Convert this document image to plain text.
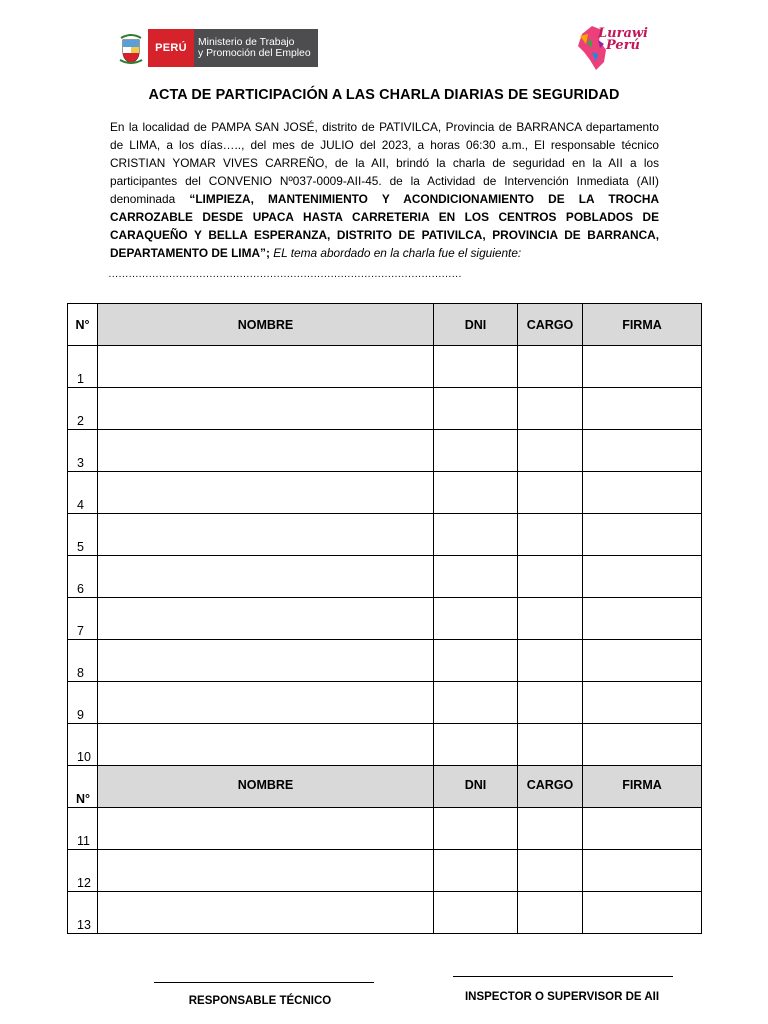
PERÚ	Ministerio de Trabajo
y Promoción del Empleo
Lurawi
Perú
ACTA DE PARTICIPACIÓN A LAS CHARLA DIARIAS DE SEGURIDAD
En la localidad de PAMPA SAN JOSÉ, distrito de PATIVILCA, Provincia de BARRANCA departamento de LIMA, a los días….., del mes de JULIO del 2023, a horas 06:30 a.m., El responsable técnico CRISTIAN YOMAR VIVES CARREÑO, de la AII, brindó la charla de seguridad en la AII a los participantes del CONVENIO Nº037-0009-AII-45. de la Actividad de Intervención Inmediata (AII) denominada “LIMPIEZA, MANTENIMIENTO Y ACONDICIONAMIENTO DE LA TROCHA CARROZABLE DESDE UPACA HASTA CARRETERIA EN LOS CENTROS POBLADOS DE CARAQUEÑO Y BELLA ESPERANZA, DISTRITO DE PATIVILCA, PROVINCIA DE BARRANCA, DEPARTAMENTO DE LIMA”; EL tema abordado en la charla fue el siguiente:
……………………………………………………………………………………………
N°	NOMBRE	DNI	CARGO	FIRMA
1				
2				
3				
4				
5				
6				
7				
8				
9				
10				
N°	NOMBRE	DNI	CARGO	FIRMA
11				
12				
13				
RESPONSABLE TÉCNICO	INSPECTOR O SUPERVISOR DE AII
